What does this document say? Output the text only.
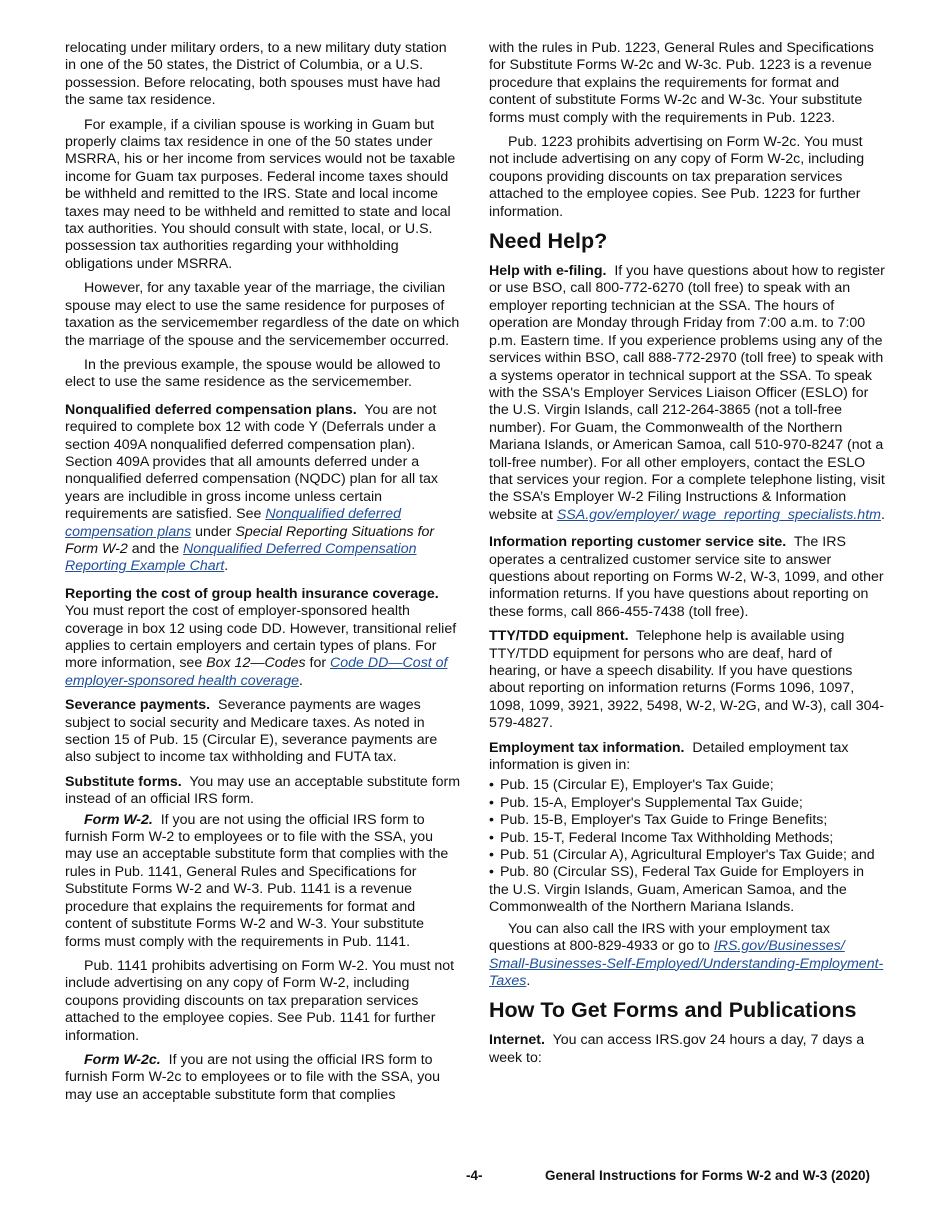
relocating under military orders, to a new military duty station in one of the 50 states, the District of Columbia, or a U.S. possession. Before relocating, both spouses must have had the same tax residence.

For example, if a civilian spouse is working in Guam but properly claims tax residence in one of the 50 states under MSRRA, his or her income from services would not be taxable income for Guam tax purposes. Federal income taxes should be withheld and remitted to the IRS. State and local income taxes may need to be withheld and remitted to state and local tax authorities. You should consult with state, local, or U.S. possession tax authorities regarding your withholding obligations under MSRRA.

However, for any taxable year of the marriage, the civilian spouse may elect to use the same residence for purposes of taxation as the servicemember regardless of the date on which the marriage of the spouse and the servicemember occurred.

In the previous example, the spouse would be allowed to elect to use the same residence as the servicemember.

Nonqualified deferred compensation plans. You are not required to complete box 12 with code Y (Deferrals under a section 409A nonqualified deferred compensation plan). Section 409A provides that all amounts deferred under a nonqualified deferred compensation (NQDC) plan for all tax years are includible in gross income unless certain requirements are satisfied. See Nonqualified deferred compensation plans under Special Reporting Situations for Form W-2 and the Nonqualified Deferred Compensation Reporting Example Chart.

Reporting the cost of group health insurance coverage.  You must report the cost of employer-sponsored health coverage in box 12 using code DD. However, transitional relief applies to certain employers and certain types of plans. For more information, see Box 12—Codes for Code DD—Cost of employer-sponsored health coverage.

Severance payments. Severance payments are wages subject to social security and Medicare taxes. As noted in section 15 of Pub. 15 (Circular E), severance payments are also subject to income tax withholding and FUTA tax.

Substitute forms. You may use an acceptable substitute form instead of an official IRS form.

Form W-2. If you are not using the official IRS form to furnish Form W-2 to employees or to file with the SSA, you may use an acceptable substitute form that complies with the rules in Pub. 1141, General Rules and Specifications for Substitute Forms W-2 and W-3. Pub. 1141 is a revenue procedure that explains the requirements for format and content of substitute Forms W-2 and W-3. Your substitute forms must comply with the requirements in Pub. 1141.

Pub. 1141 prohibits advertising on Form W-2. You must not include advertising on any copy of Form W-2, including coupons providing discounts on tax preparation services attached to the employee copies. See Pub. 1141 for further information.

Form W-2c. If you are not using the official IRS form to furnish Form W-2c to employees or to file with the SSA, you may use an acceptable substitute form that complies

with the rules in Pub. 1223, General Rules and Specifications for Substitute Forms W-2c and W-3c. Pub. 1223 is a revenue procedure that explains the requirements for format and content of substitute Forms W-2c and W-3c. Your substitute forms must comply with the requirements in Pub. 1223.

Pub. 1223 prohibits advertising on Form W-2c. You must not include advertising on any copy of Form W-2c, including coupons providing discounts on tax preparation services attached to the employee copies. See Pub. 1223 for further information.

Need Help?

Help with e-filing. If you have questions about how to register or use BSO, call 800-772-6270 (toll free) to speak with an employer reporting technician at the SSA. The hours of operation are Monday through Friday from 7:00 a.m. to 7:00 p.m. Eastern time. If you experience problems using any of the services within BSO, call 888-772-2970 (toll free) to speak with a systems operator in technical support at the SSA. To speak with the SSA's Employer Services Liaison Officer (ESLO) for the U.S. Virgin Islands, call 212-264-3865 (not a toll-free number). For Guam, the Commonwealth of the Northern Mariana Islands, or American Samoa, call 510-970-8247 (not a toll-free number). For all other employers, contact the ESLO that services your region. For a complete telephone listing, visit the SSA’s Employer W-2 Filing Instructions & Information website at SSA.gov/employer/ wage_reporting_specialists.htm.

Information reporting customer service site. The IRS operates a centralized customer service site to answer questions about reporting on Forms W-2, W-3, 1099, and other information returns. If you have questions about reporting on these forms, call 866-455-7438 (toll free).

TTY/TDD equipment. Telephone help is available using TTY/TDD equipment for persons who are deaf, hard of hearing, or have a speech disability. If you have questions about reporting on information returns (Forms 1096, 1097, 1098, 1099, 3921, 3922, 5498, W-2, W-2G, and W-3), call 304-579-4827.

Employment tax information. Detailed employment tax information is given in:

• Pub. 15 (Circular E), Employer's Tax Guide;
• Pub. 15-A, Employer's Supplemental Tax Guide;
• Pub. 15-B, Employer's Tax Guide to Fringe Benefits;
• Pub. 15-T, Federal Income Tax Withholding Methods;
• Pub. 51 (Circular A), Agricultural Employer's Tax Guide; and
• Pub. 80 (Circular SS), Federal Tax Guide for Employers in the U.S. Virgin Islands, Guam, American Samoa, and the Commonwealth of the Northern Mariana Islands.

You can also call the IRS with your employment tax questions at 800-829-4933 or go to IRS.gov/Businesses/ Small-Businesses-Self-Employed/Understanding-Employment-Taxes.

How To Get Forms and Publications

Internet. You can access IRS.gov 24 hours a day, 7 days a week to:

-4-	General Instructions for Forms W-2 and W-3 (2020)
